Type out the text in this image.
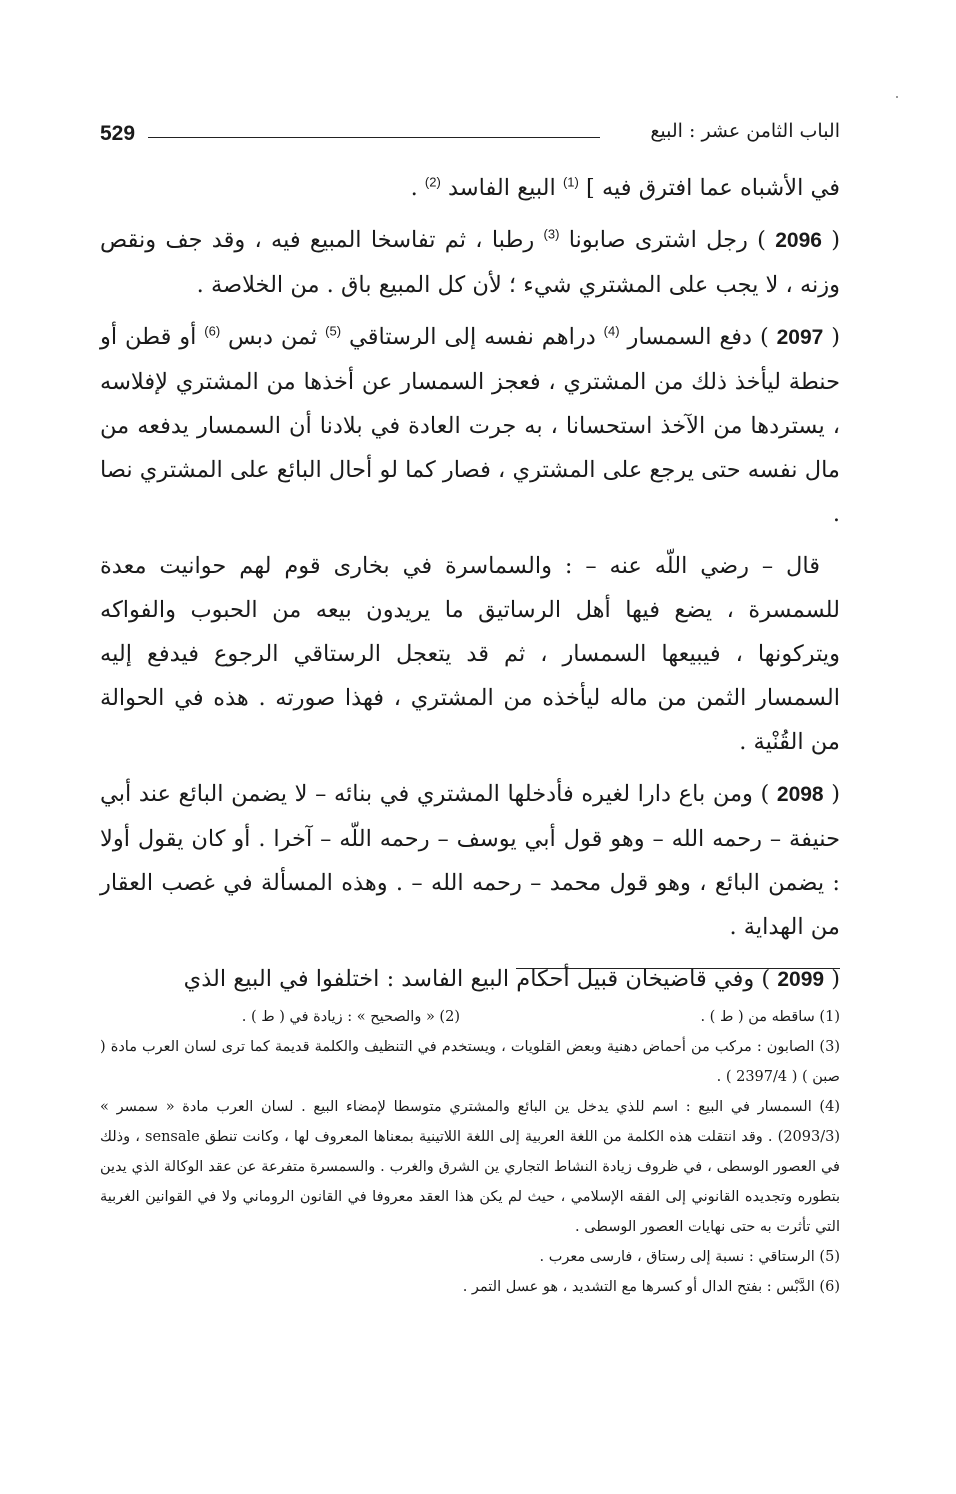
529	الباب الثامن عشر : البيع

في الأشباه عما افترق فيه ] $^{(1)}$ البيع الفاسد $^{(2)}$ .

( 2096 ) رجل اشترى صابونا $^{(3)}$ رطبا ، ثم تفاسخا المبيع فيه ، وقد جف ونقص وزنه ، لا يجب على المشتري شيء ؛ لأن كل المبيع باق . من الخلاصة .

( 2097 ) دفع السمسار $^{(4)}$ دراهم نفسه إلى الرستاقي $^{(5)}$ ثمن دبس $^{(6)}$ أو قطن أو حنطة ليأخذ ذلك من المشتري ، فعجز السمسار عن أخذها من المشتري لإفلاسه ، يستردها من الآخذ استحسانا ، به جرت العادة في بلادنا أن السمسار يدفعه من مال نفسه حتى يرجع على المشتري ، فصار كما لو أحال البائع على المشتري نصا .

قال – رضي اللّه عنه – : والسماسرة في بخارى قوم لهم حوانيت معدة للسمسرة ، يضع فيها أهل الرساتيق ما يريدون بيعه من الحبوب والفواكه ويتركونها ، فيبيعها السمسار ، ثم قد يتعجل الرستاقي الرجوع فيدفع إليه السمسار الثمن من ماله ليأخذه من المشتري ، فهذا صورته . هذه في الحوالة من القُنْية .

( 2098 ) ومن باع دارا لغيره فأدخلها المشتري في بنائه – لا يضمن البائع عند أبي حنيفة – رحمه الله – وهو قول أبي يوسف – رحمه اللّه – آخرا . أو كان يقول أولا : يضمن البائع ، وهو قول محمد – رحمه الله – . وهذه المسألة في غصب العقار من الهداية .

( 2099 ) وفي قاضيخان قبيل أحكام البيع الفاسد : اختلفوا في البيع الذي

(1) ساقطه من ( ط ) .
(2) « والصحيح » : زيادة في ( ط ) .

(3) الصابون : مركب من أحماض دهنية وبعض القلويات ، ويستخدم في التنظيف والكلمة قديمة كما ترى لسان العرب مادة ( صبن ) ( 2397/4 ) .

(4) السمسار في البيع : اسم للذي يدخل ين البائع والمشتري متوسطا لإمضاء البيع . لسان العرب مادة « سمسر » (2093/3) . وقد انتقلت هذه الكلمة من اللغة العربية إلى اللغة اللاتينية بمعناها المعروف لها ، وكانت تنطق sensale ، وذلك في العصور الوسطى ، في ظروف زيادة النشاط التجاري ين الشرق والغرب . والسمسرة متفرعة عن عقد الوكالة الذي يدين بتطوره وتجديده القانوني إلى الفقه الإسلامي ، حيث لم يكن هذا العقد معروفا في القانون الروماني ولا في القوانين الغربية التي تأثرت به حتى نهايات العصور الوسطى .

(5) الرستاقي : نسبة إلى رستاق ، فارسى معرب .

(6) الدَّبْس : بفتح الدال أو كسرها مع التشديد ، هو عسل التمر .
